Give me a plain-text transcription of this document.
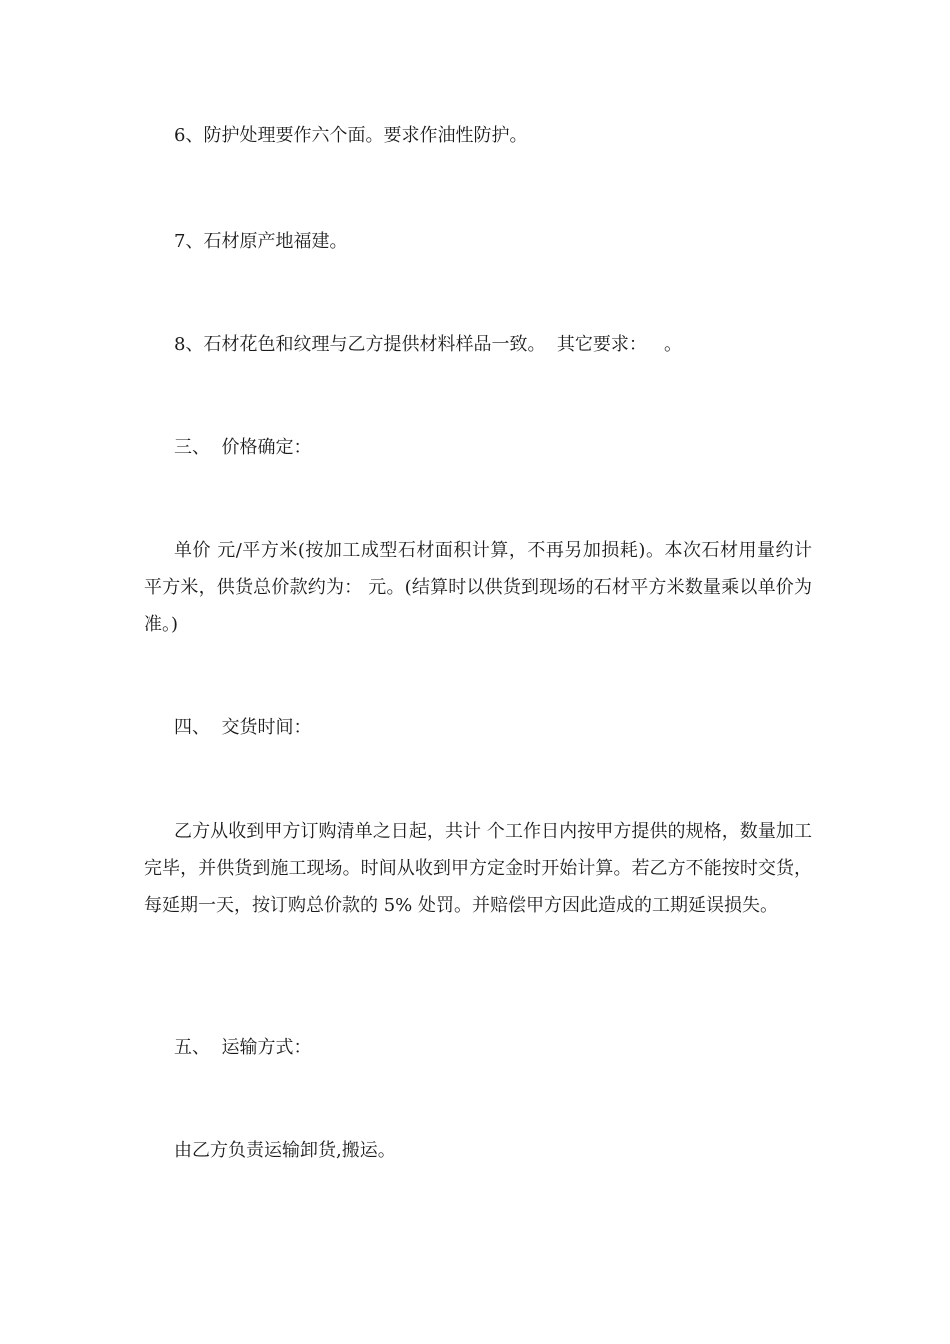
6、防护处理要作六个面。要求作油性防护。

7、石材原产地福建。

8、石材花色和纹理与乙方提供材料样品一致。  其它要求：   。

三、  价格确定：

单价 元/平方米(按加工成型石材面积计算，不再另加损耗)。本次石材用量约计 平方米，供货总价款约为： 元。(结算时以供货到现场的石材平方米数量乘以单价为准。)

四、  交货时间：

乙方从收到甲方订购清单之日起，共计 个工作日内按甲方提供的规格，数量加工完毕，并供货到施工现场。时间从收到甲方定金时开始计算。若乙方不能按时交货，每延期一天，按订购总价款的 5% 处罚。并赔偿甲方因此造成的工期延误损失。

五、  运输方式：

由乙方负责运输卸货,搬运。
